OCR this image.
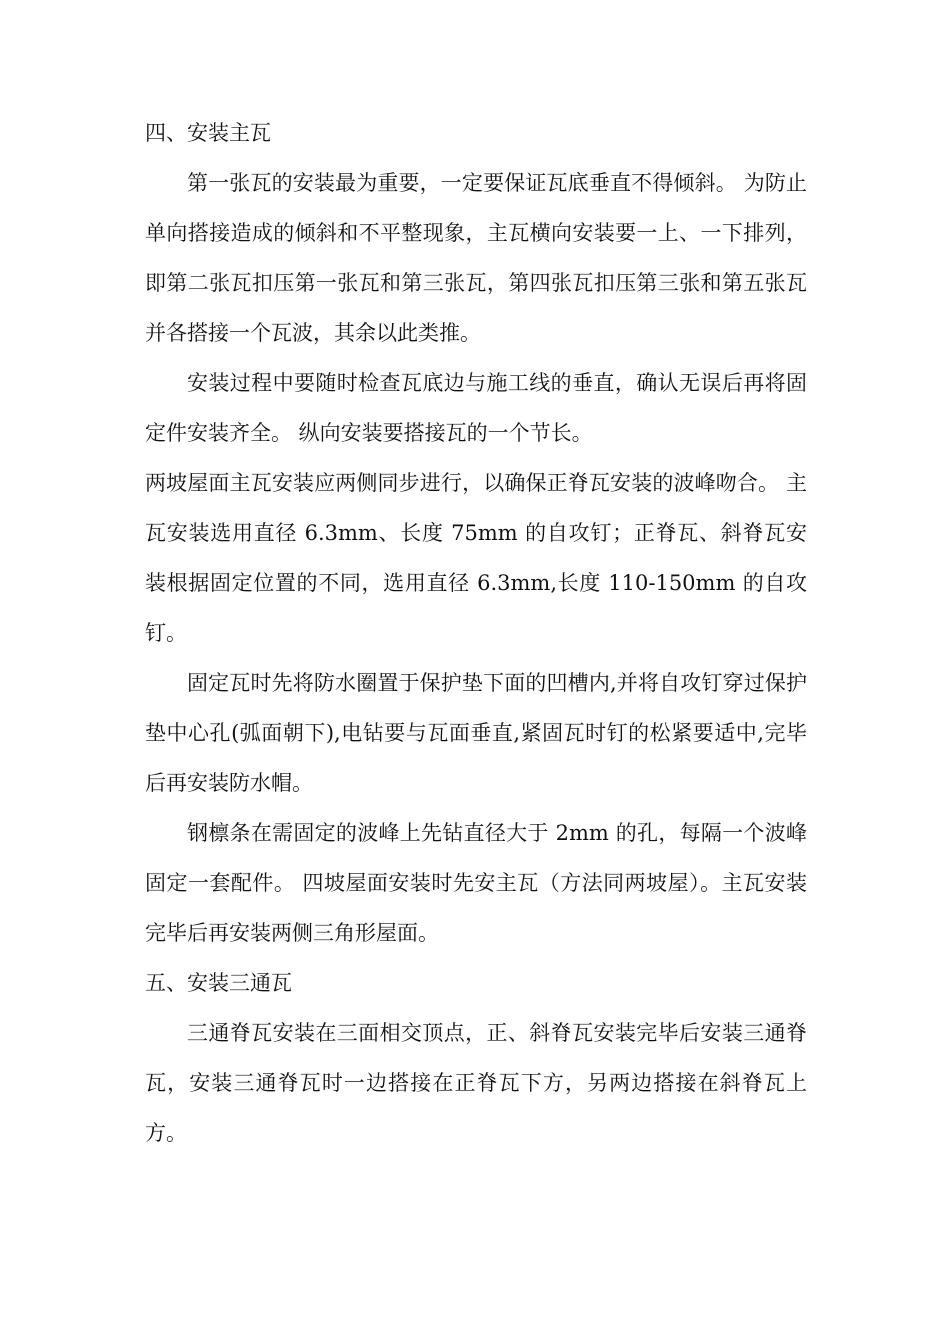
四、安装主瓦

第一张瓦的安装最为重要，一定要保证瓦底垂直不得倾斜。 为防止单向搭接造成的倾斜和不平整现象，主瓦横向安装要一上、一下排列，即第二张瓦扣压第一张瓦和第三张瓦，第四张瓦扣压第三张和第五张瓦并各搭接一个瓦波，其余以此类推。

安装过程中要随时检查瓦底边与施工线的垂直，确认无误后再将固定件安装齐全。 纵向安装要搭接瓦的一个节长。

两坡屋面主瓦安装应两侧同步进行，以确保正脊瓦安装的波峰吻合。 主瓦安装选用直径 6.3mm、长度 75mm 的自攻钉；正脊瓦、斜脊瓦安装根据固定位置的不同，选用直径 6.3mm,长度 110-150mm 的自攻钉。

固定瓦时先将防水圈置于保护垫下面的凹槽内,并将自攻钉穿过保护垫中心孔(弧面朝下),电钻要与瓦面垂直,紧固瓦时钉的松紧要适中,完毕后再安装防水帽。

钢檩条在需固定的波峰上先钻直径大于 2mm 的孔，每隔一个波峰固定一套配件。 四坡屋面安装时先安主瓦（方法同两坡屋）。主瓦安装完毕后再安装两侧三角形屋面。

五、安装三通瓦

三通脊瓦安装在三面相交顶点，正、斜脊瓦安装完毕后安装三通脊瓦，安装三通脊瓦时一边搭接在正脊瓦下方，另两边搭接在斜脊瓦上方。
